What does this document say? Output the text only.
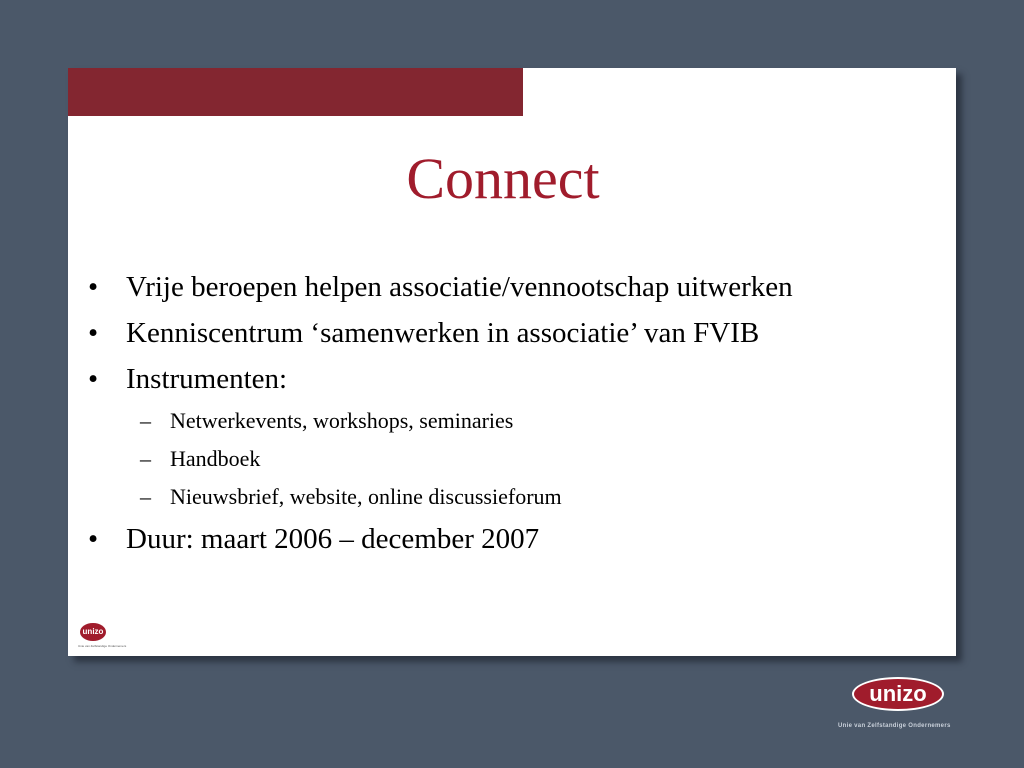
Connect
• Vrije beroepen helpen associatie/vennootschap uitwerken
• Kenniscentrum ‘samenwerken in associatie’ van FVIB
• Instrumenten:
– Netwerkevents, workshops, seminaries
– Handboek
– Nieuwsbrief, website, online discussieforum
• Duur: maart 2006 – december 2007
unizo
Unie van Zelfstandige Ondernemers
unizo
Unie van Zelfstandige Ondernemers
